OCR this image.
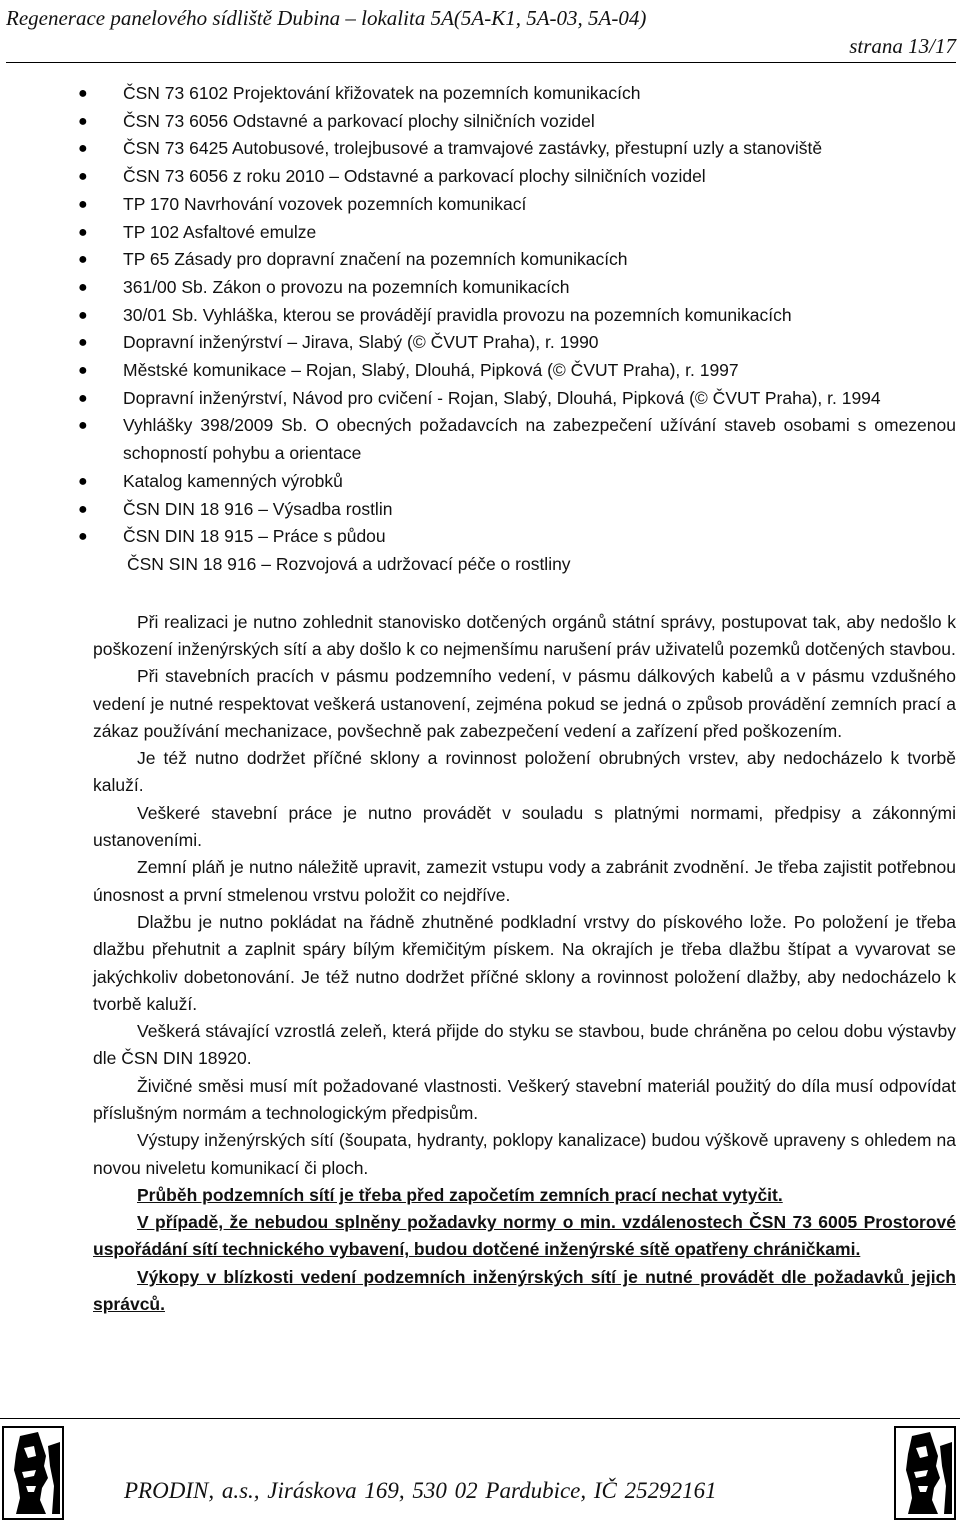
Regenerace panelového sídliště Dubina – lokalita 5A(5A-K1, 5A-03, 5A-04)
strana 13/17
● ČSN 73 6102 Projektování křižovatek na pozemních komunikacích
● ČSN 73 6056 Odstavné a parkovací plochy silničních vozidel
● ČSN 73 6425 Autobusové, trolejbusové a tramvajové zastávky, přestupní uzly a stanoviště
● ČSN 73 6056 z roku 2010 – Odstavné a parkovací plochy silničních vozidel
● TP 170 Navrhování vozovek pozemních komunikací
● TP 102 Asfaltové emulze
● TP 65 Zásady pro dopravní značení na pozemních komunikacích
● 361/00 Sb. Zákon o provozu na pozemních komunikacích
● 30/01 Sb. Vyhláška, kterou se provádějí pravidla provozu na pozemních komunikacích
● Dopravní inženýrství – Jirava, Slabý (© ČVUT Praha), r. 1990
● Městské komunikace – Rojan, Slabý, Dlouhá, Pipková (© ČVUT Praha), r. 1997
● Dopravní inženýrství, Návod pro cvičení - Rojan, Slabý, Dlouhá, Pipková (© ČVUT Praha), r. 1994
● Vyhlášky 398/2009 Sb. O obecných požadavcích na zabezpečení užívání staveb osobami s omezenou schopností pohybu a orientace
● Katalog kamenných výrobků
● ČSN DIN 18 916 – Výsadba rostlin
● ČSN DIN 18 915 – Práce s půdou
ČSN SIN 18 916 – Rozvojová a udržovací péče o rostliny

Při realizaci je nutno zohlednit stanovisko dotčených orgánů státní správy, postupovat tak, aby nedošlo k poškození inženýrských sítí a aby došlo k co nejmenšímu narušení práv uživatelů pozemků dotčených stavbou.

Při stavebních pracích v pásmu podzemního vedení, v pásmu dálkových kabelů a v pásmu vzdušného vedení je nutné respektovat veškerá ustanovení, zejména pokud se jedná o způsob provádění zemních prací a zákaz používání mechanizace, povšechně pak zabezpečení vedení a zařízení před poškozením.

Je též nutno dodržet příčné sklony a rovinnost položení obrubných vrstev, aby nedocházelo k tvorbě kaluží.

Veškeré stavební práce je nutno provádět v souladu s platnými normami, předpisy a zákonnými ustanoveními.

Zemní pláň je nutno náležitě upravit, zamezit vstupu vody a zabránit zvodnění. Je třeba zajistit potřebnou únosnost a první stmelenou vrstvu položit co nejdříve.

Dlažbu je nutno pokládat na řádně zhutněné podkladní vrstvy do pískového lože. Po položení je třeba dlažbu přehutnit a zaplnit spáry bílým křemičitým pískem. Na okrajích je třeba dlažbu štípat a vyvarovat se jakýchkoliv dobetonování. Je též nutno dodržet příčné sklony a rovinnost položení dlažby, aby nedocházelo k tvorbě kaluží.

Veškerá stávající vzrostlá zeleň, která přijde do styku se stavbou, bude chráněna po celou dobu výstavby dle ČSN DIN 18920.

Živičné směsi musí mít požadované vlastnosti. Veškerý stavební materiál použitý do díla musí odpovídat příslušným normám a technologickým předpisům.

Výstupy inženýrských sítí (šoupata, hydranty, poklopy kanalizace) budou výškově upraveny s ohledem na novou niveletu komunikací či ploch.

Průběh podzemních sítí je třeba před započetím zemních prací nechat vytyčit.

V případě, že nebudou splněny požadavky normy o min. vzdálenostech ČSN 73 6005 Prostorové uspořádání sítí technického vybavení, budou dotčené inženýrské sítě opatřeny chráničkami.

Výkopy v blízkosti vedení podzemních inženýrských sítí je nutné provádět dle požadavků jejich správců.

PRODIN, a.s., Jiráskova 169, 530 02 Pardubice, IČ 25292161
